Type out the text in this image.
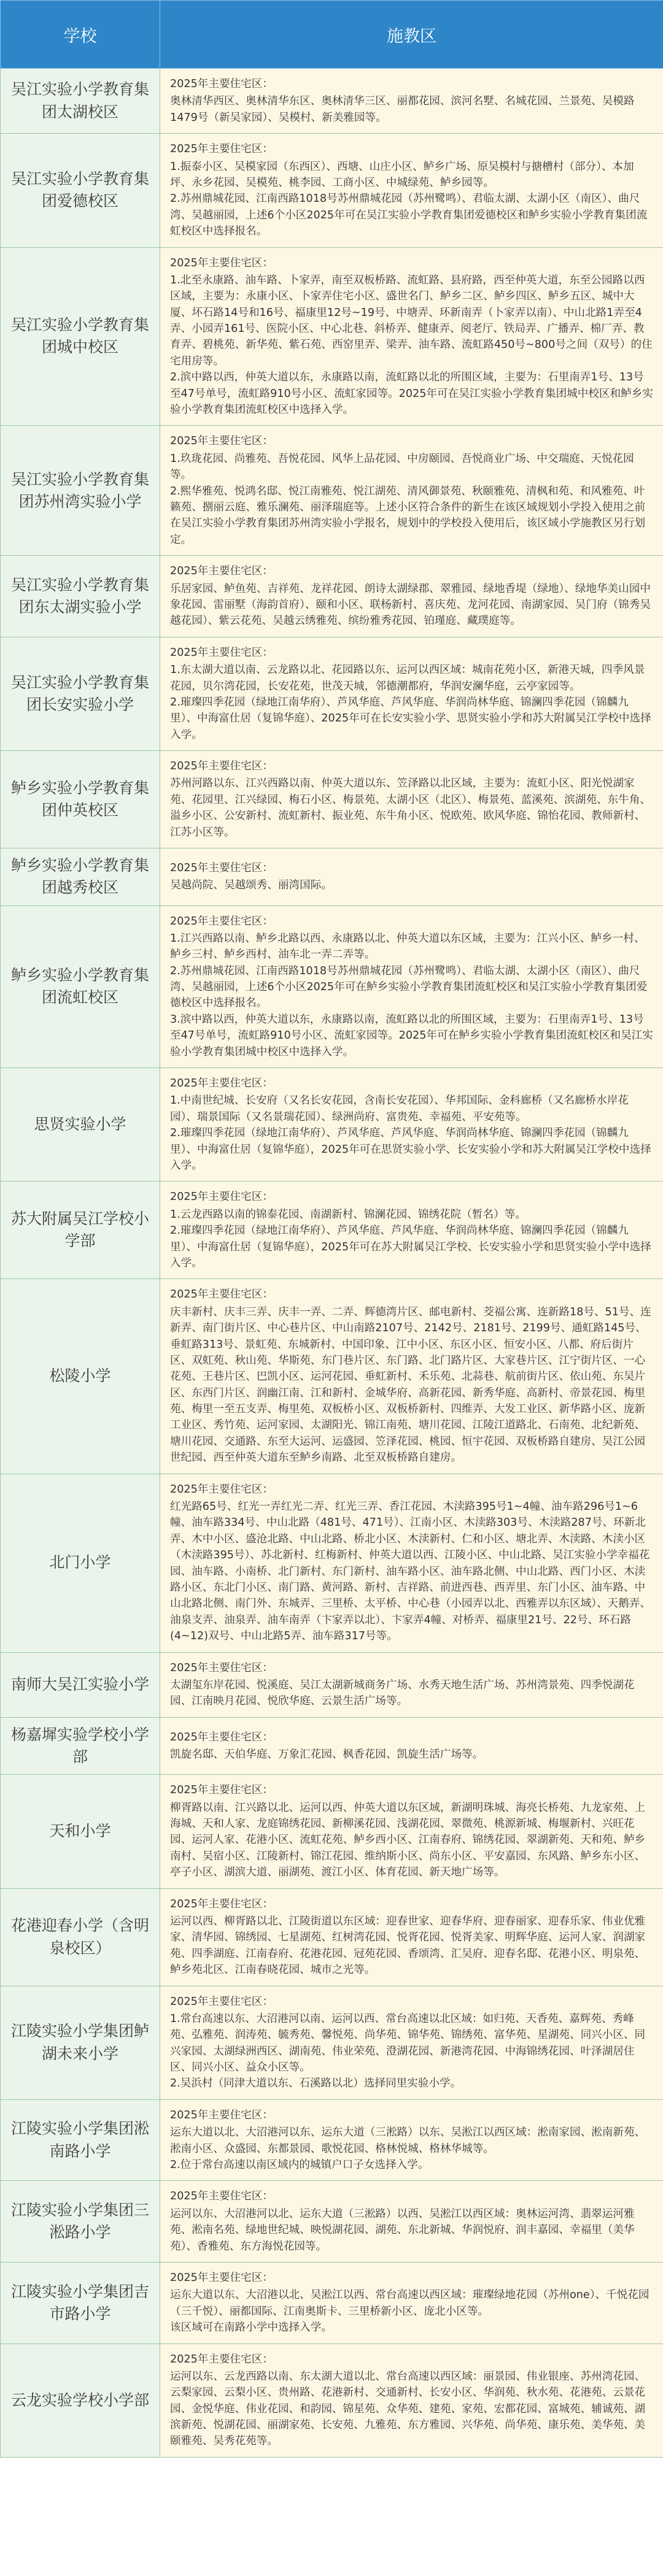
学校	施教区
吴江实验小学教育集团太湖校区	2025年主要住宅区：
奥林清华西区、奥林清华东区、奥林清华三区、丽都花园、滨河名墅、名城花园、兰景苑、吴模路1479号（新吴家园）、吴模村、新美雅园等。

吴江实验小学教育集团爱德校区	2025年主要住宅区：
1.振泰小区、吴模家园（东西区）、西塘、山庄小区、鲈乡广场、原吴模村与搪槽村（部分）、本加坪、永乡花园、吴模苑、桃李园、工商小区、中城绿苑、鲈乡园等。
2.苏州鼎城花园、江南西路1018号苏州鼎城花园（苏州鹭鸣）、君临太湖、太湖小区（南区）、曲尺湾、吴越丽园，上述6个小区2025年可在吴江实验小学教育集团爱德校区和鲈乡实验小学教育集团流虹校区中选择报名。

吴江实验小学教育集团城中校区	2025年主要住宅区：
1.北至永康路、油车路、卜家弄，南至双板桥路、流虹路、县府路，西至仲英大道，东至公园路以西区域，主要为：永康小区、卜家弄住宅小区、盛世名门、鲈乡二区、鲈乡四区、鲈乡五区、城中大厦、坏石路14号和16号、福康里12号~19号、中塘弄、环新南弄（卜家弄以南）、中山北路1弄至4弄、小园弄161号、医院小区、中心北巷、斜桥弄、健康弄、阅老厅、铁局弄、广播弄、棉厂弄、教育弄、碧桃苑、新华苑、紫石苑、西窑里弄、梁弄、油车路、流虹路450号~800号之间（双号）的住宅用房等。
2.滨中路以西，仲英大道以东，永康路以南，流虹路以北的所围区域，主要为：石里南弄1号、13号至47号单号，流虹路910号小区、流虹家园等。2025年可在吴江实验小学教育集团城中校区和鲈乡实验小学教育集团流虹校区中选择入学。

吴江实验小学教育集团苏州湾实验小学	2025年主要住宅区：
1.玖珑花园、尚雅苑、吾悦花园、风华上品花园、中房颐园、吾悦商业广场、中交瑞庭、天悦花园等。
2.熙华雅苑、悦鸿名邸、悦江南雅苑、悦江湖苑、清风御景苑、秋颐雅苑、清枫和苑、和风雅苑、叶籁苑、捌丽云庭、雅乐澜苑、丽泽瑞庭等。上述小区符合条件的新生在该区域规划小学投入使用之前在吴江实验小学教育集团苏州湾实验小学报名，规划中的学校投入使用后，该区域小学施教区另行划定。

吴江实验小学教育集团东太湖实验小学	2025年主要住宅区：
乐居家园、鲈鱼苑、吉祥苑、龙祥花园、朗诗太湖绿郡、翠雅园、绿地香堤（绿地）、绿地华美山园中象花园、雷丽墅（海韵首府）、颐和小区、联杨新村、喜庆苑、龙河花园、南湖家园、吴门府（锦秀吴越花园）、紫云花苑、吴越云绣雅苑、缤纷雅秀花园、铂瑾庭、藏璞庭等。

吴江实验小学教育集团长安实验小学	2025年主要住宅区：
1.东太湖大道以南、云龙路以北、花园路以东、运河以西区域：城南花苑小区，新港天城，四季风景花园，贝尔湾花园，长安花苑，世茂天城，邻德潮都府，华润安澜华庭，云亭家园等。
2.璀璨四季花园（绿地江南华府）、芦风华庭、芦风华庭、华润尚林华庭、锦澜四季花园（锦麟九里）、中海富仕居（复锦华庭）、2025年可在长安实验小学、思贤实验小学和苏大附属吴江学校中选择入学。

鲈乡实验小学教育集团仲英校区	2025年主要住宅区：
苏州河路以东、江兴西路以南、仲英大道以东、笠泽路以北区域，主要为：流虹小区、阳光悦湖家苑、花园里、江兴绿园、梅石小区、梅景苑、太湖小区（北区）、梅景苑、蓝溪苑、滨湖苑、东牛角、溢乡小区、公安新村、流虹新村、振业苑、东牛角小区、悦欧苑、欧风华庭、锦怡花园、教师新村、江苏小区等。

鲈乡实验小学教育集团越秀校区	2025年主要住宅区：
吴越尚院、吴越颂秀、丽湾国际。

鲈乡实验小学教育集团流虹校区	2025年主要住宅区：
1.江兴西路以南、鲈乡北路以西、永康路以北、仲英大道以东区域，主要为：江兴小区、鲈乡一村、鲈乡三村、鲈乡西村、油车北一弄二弄等。
2.苏州鼎城花园、江南西路1018号苏州鼎城花园（苏州鹭鸣）、君临太湖、太湖小区（南区）、曲尺湾、吴越丽园，上述6个小区2025年可在鲈乡实验小学教育集团流虹校区和吴江实验小学教育集团爱德校区中选择报名。
3.滨中路以西，仲英大道以东，永康路以南，流虹路以北的所围区域，主要为：石里南弄1号、13号至47号单号，流虹路910号小区、流虹家园等。2025年可在鲈乡实验小学教育集团流虹校区和吴江实验小学教育集团城中校区中选择入学。

思贤实验小学	2025年主要住宅区：
1.中南世纪城、长安府（又名长安花园，含南长安花园）、华邦国际、金科廊桥（又名廊桥水岸花园）、瑞景国际（又名景瑞花园）、绿洲尚府、富贵苑、幸福苑、平安苑等。
2.璀璨四季花园（绿地江南华府）、芦风华庭、芦风华庭、华润尚林华庭、锦澜四季花园（锦麟九里）、中海富仕居（复锦华庭），2025年可在思贤实验小学、长安实验小学和苏大附属吴江学校中选择入学。

苏大附属吴江学校小学部	2025年主要住宅区：
1.云龙西路以南的锦泰花园、南湖新村、锦澜花园、锦绣花院（暂名）等。
2.璀璨四季花园（绿地江南华府）、芦风华庭、芦风华庭、华润尚林华庭、锦澜四季花园（锦麟九里）、中海富仕居（复锦华庭），2025年可在苏大附属吴江学校、长安实验小学和思贤实验小学中选择入学。

松陵小学	2025年主要住宅区：
庆丰新村、庆丰三弄、庆丰一弄、二弄、辉德湾片区、邮电新村、茭福公寓、连新路18号、51号、连新弄、南门街片区、中心巷片区、中山南路2107号、2142号、2181号、2199号、通虹路145号、垂虹路313号、景虹苑、东城新村、中国印象、江中小区、东区小区、恒安小区、八都、府后街片区、双虹苑、秋山苑、华斯苑、东门巷片区、东门路、北门路片区、大家巷片区、江宁街片区、一心花苑、王巷片区、巴凯小区、运河花园、垂虹新村、禾乐苑、北蒜巷、航前街片区、依山苑、东吴片区、东西门片区、润幽江南、江和新村、金城华府、高新花园、新秀华庭、高新村、帝景花园、梅里苑、梅里一至五支弄、梅里苑、双板桥小区、双板桥新村、四维弄、大发工业区、新华路小区、庞新工业区、秀竹苑、运河家园、太湖阳光、锦江南苑、塘川花园、江陵江道路北、石南苑、北纪新苑、塘川花园、交通路、东至大运河、运盛园、笠泽花园、桃园、恒宇花园、双板桥路自建房、吴江公园世纪园、西至仲英大道东至鲈乡南路、北至双板桥路自建房。

北门小学	2025年主要住宅区：
红光路65号、红光一弄红光二弄、红光三弄、香江花园、木渎路395号1~4幢、油车路296号1~6幢、油车路334号、中山北路（481号、471号）、江南小区、木渎路303号、木渎路287号、环新北弄、木中小区、盛沧北路、中山北路、桥北小区、木渎新村、仁和小区、塘北弄、木渎路、木渎小区（木渎路395号）、苏北新村、红梅新村、仲英大道以西、江陵小区、中山北路、吴江实验小学幸福花园、油车路、小南桥、北门新村、东门新村、油车路小区、油车路北侧、中山北路、西门小区、木渎路小区、东北门小区、南门路、黄河路、新村、吉祥路、前进西巷、西弄里、东门小区、油车路、中山北路北侧、南门外、东城弄、三里桥、太平桥、中心巷（小园弄以北、西雅弄以东区域）、天鹅弄、油泉支弄、油泉弄、油车南弄（卞家弄以北）、卞家弄4幢、对桥弄、福康里21号、22号、环石路(4~12)双号、中山北路5弄、油车路317号等。

南师大吴江实验小学	2025年主要住宅区：
太湖玺东岸花园、悦溪庭、吴江太湖新城商务广场、水秀天地生活广场、苏州湾景苑、四季悦湖花园、江南映月花园、悦欣华庭、云景生活广场等。

杨嘉墀实验学校小学部	2025年主要住宅区：
凯旋名邸、天伯华庭、万象汇花园、枫香花园、凯旋生活广场等。

天和小学	2025年主要住宅区：
柳胥路以南、江兴路以北、运河以西、仲英大道以东区域，新湖明珠城、海亮长桥苑、九龙家苑、上海城、天和人家、龙庭锦绣花园、新柳溪花园、浅湖花园、翠微苑、桃源新城、梅堰新村、兴旺花园、运河人家、花港小区、流虹花苑、鲈乡西小区、江南春府、锦绣花园、翠湖新苑、天和苑、鲈乡南村、吴宿小区、江陵新村、锦江花园、维纳斯小区、尚东小区、平安嘉园、东风路、鲈乡东小区、亭子小区、湖滨大道、丽湖苑、渡江小区、体育花园、新天地广场等。

花港迎春小学（含明泉校区）	2025年主要住宅区：
运河以西、柳胥路以北、江陵街道以东区域：迎春世家、迎春华府、迎春丽家、迎春乐家、伟业优雅家、清华园、锦绣园、七星湖苑、红树湾花园、悦胥花园、悦胥美家、明辉华庭、运河人家、润湖家苑、四季湖庭、江南春府、花港花园、冠苑花园、香颂湾、汇吴府、迎春名邸、花港小区、明泉苑、鲈乡苑北区、江南春晓花园、城市之光等。

江陵实验小学集团鲈湖未来小学	2025年主要住宅区：
1.常台高速以东、大沼港河以南、运河以西、常台高速以北区域：如归苑、天香苑、嘉辉苑、秀峰苑、弘雅苑、润涛苑、毓秀苑、馨悦苑、尚华苑、锦华苑、锦绣苑、富华苑、星湖苑、同兴小区、同兴家园、太湖绿洲西区、湖南苑、伟业荣苑、澄湖花园、新港湾花园、中海锦绣花园、叶泽湖居住区、同兴小区、益众小区等。
2.吴浜村（同津大道以东、石溪路以北）选择同里实验小学。

江陵实验小学集团淞南路小学	2025年主要住宅区：
运东大道以北、大沼港河以东、运东大道（三淞路）以东、吴淞江以西区域：淞南家园、淞南新苑、淞南小区、众盛园、东都景园、歌悦花园、格林悦城、格林华城等。
2.位于常台高速以南区域内的城镇户口子女选择入学。

江陵实验小学集团三淞路小学	2025年主要住宅区：
运河以东、大沼港河以北、运东大道（三淞路）以西、吴淞江以西区域：奥林运河湾、翡翠运河雅苑、淞南名苑、绿地世纪城、映悦湖花园、湖苑、东北新城、华润悦府、润丰嘉园、幸福里（美华苑）、香雅苑、东方海悦花园等。

江陵实验小学集团吉市路小学	2025年主要住宅区：
运东大道以东、大沼港以北、吴淞江以西、常台高速以西区域：璀璨绿地花园（苏州one）、千悦花园（三千悦）、丽都国际、江南奥斯卡、三里桥新小区、庞北小区等。
该区域可在南路小学中选择入学。

云龙实验学校小学部	2025年主要住宅区：
运河以东、云龙西路以南、东太湖大道以北、常台高速以西区域：丽景园、伟业银座、苏州湾花园、云梨家园、云梨小区、贵州路、花港新村、交通新村、长安小区、华润苑、秋水苑、花港苑、云景花园、金悦华庭、伟业花园、和韵园、锦星苑、众华苑、建苑、家苑、宏都花园、富城苑、辅诚苑、湖滨新苑、悦湖花园、丽湖家苑、长安苑、九雅苑、东方雅园、兴华苑、尚华苑、康乐苑、美华苑、美颐雅苑、吴秀花苑等。
